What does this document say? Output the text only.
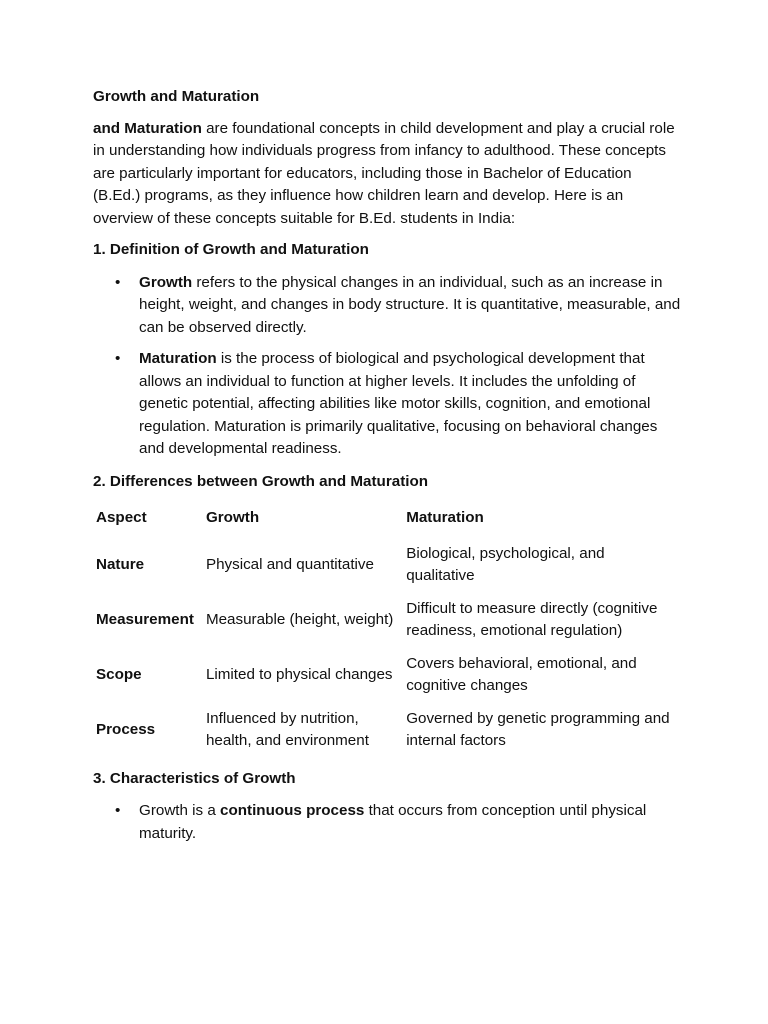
Growth and Maturation

and Maturation are foundational concepts in child development and play a crucial role in understanding how individuals progress from infancy to adulthood. These concepts are particularly important for educators, including those in Bachelor of Education (B.Ed.) programs, as they influence how children learn and develop. Here is an overview of these concepts suitable for B.Ed. students in India:

1. Definition of Growth and Maturation
• Growth refers to the physical changes in an individual, such as an increase in height, weight, and changes in body structure. It is quantitative, measurable, and can be observed directly.
• Maturation is the process of biological and psychological development that allows an individual to function at higher levels. It includes the unfolding of genetic potential, affecting abilities like motor skills, cognition, and emotional regulation. Maturation is primarily qualitative, focusing on behavioral changes and developmental readiness.
2. Differences between Growth and Maturation
Aspect	Growth	Maturation
Nature	Physical and quantitative	Biological, psychological, and qualitative
Measurement	Measurable (height, weight)	Difficult to measure directly (cognitive readiness, emotional regulation)
Scope	Limited to physical changes	Covers behavioral, emotional, and cognitive changes
Process	Influenced by nutrition, health, and environment	Governed by genetic programming and internal factors
3. Characteristics of Growth
• Growth is a continuous process that occurs from conception until physical maturity.
